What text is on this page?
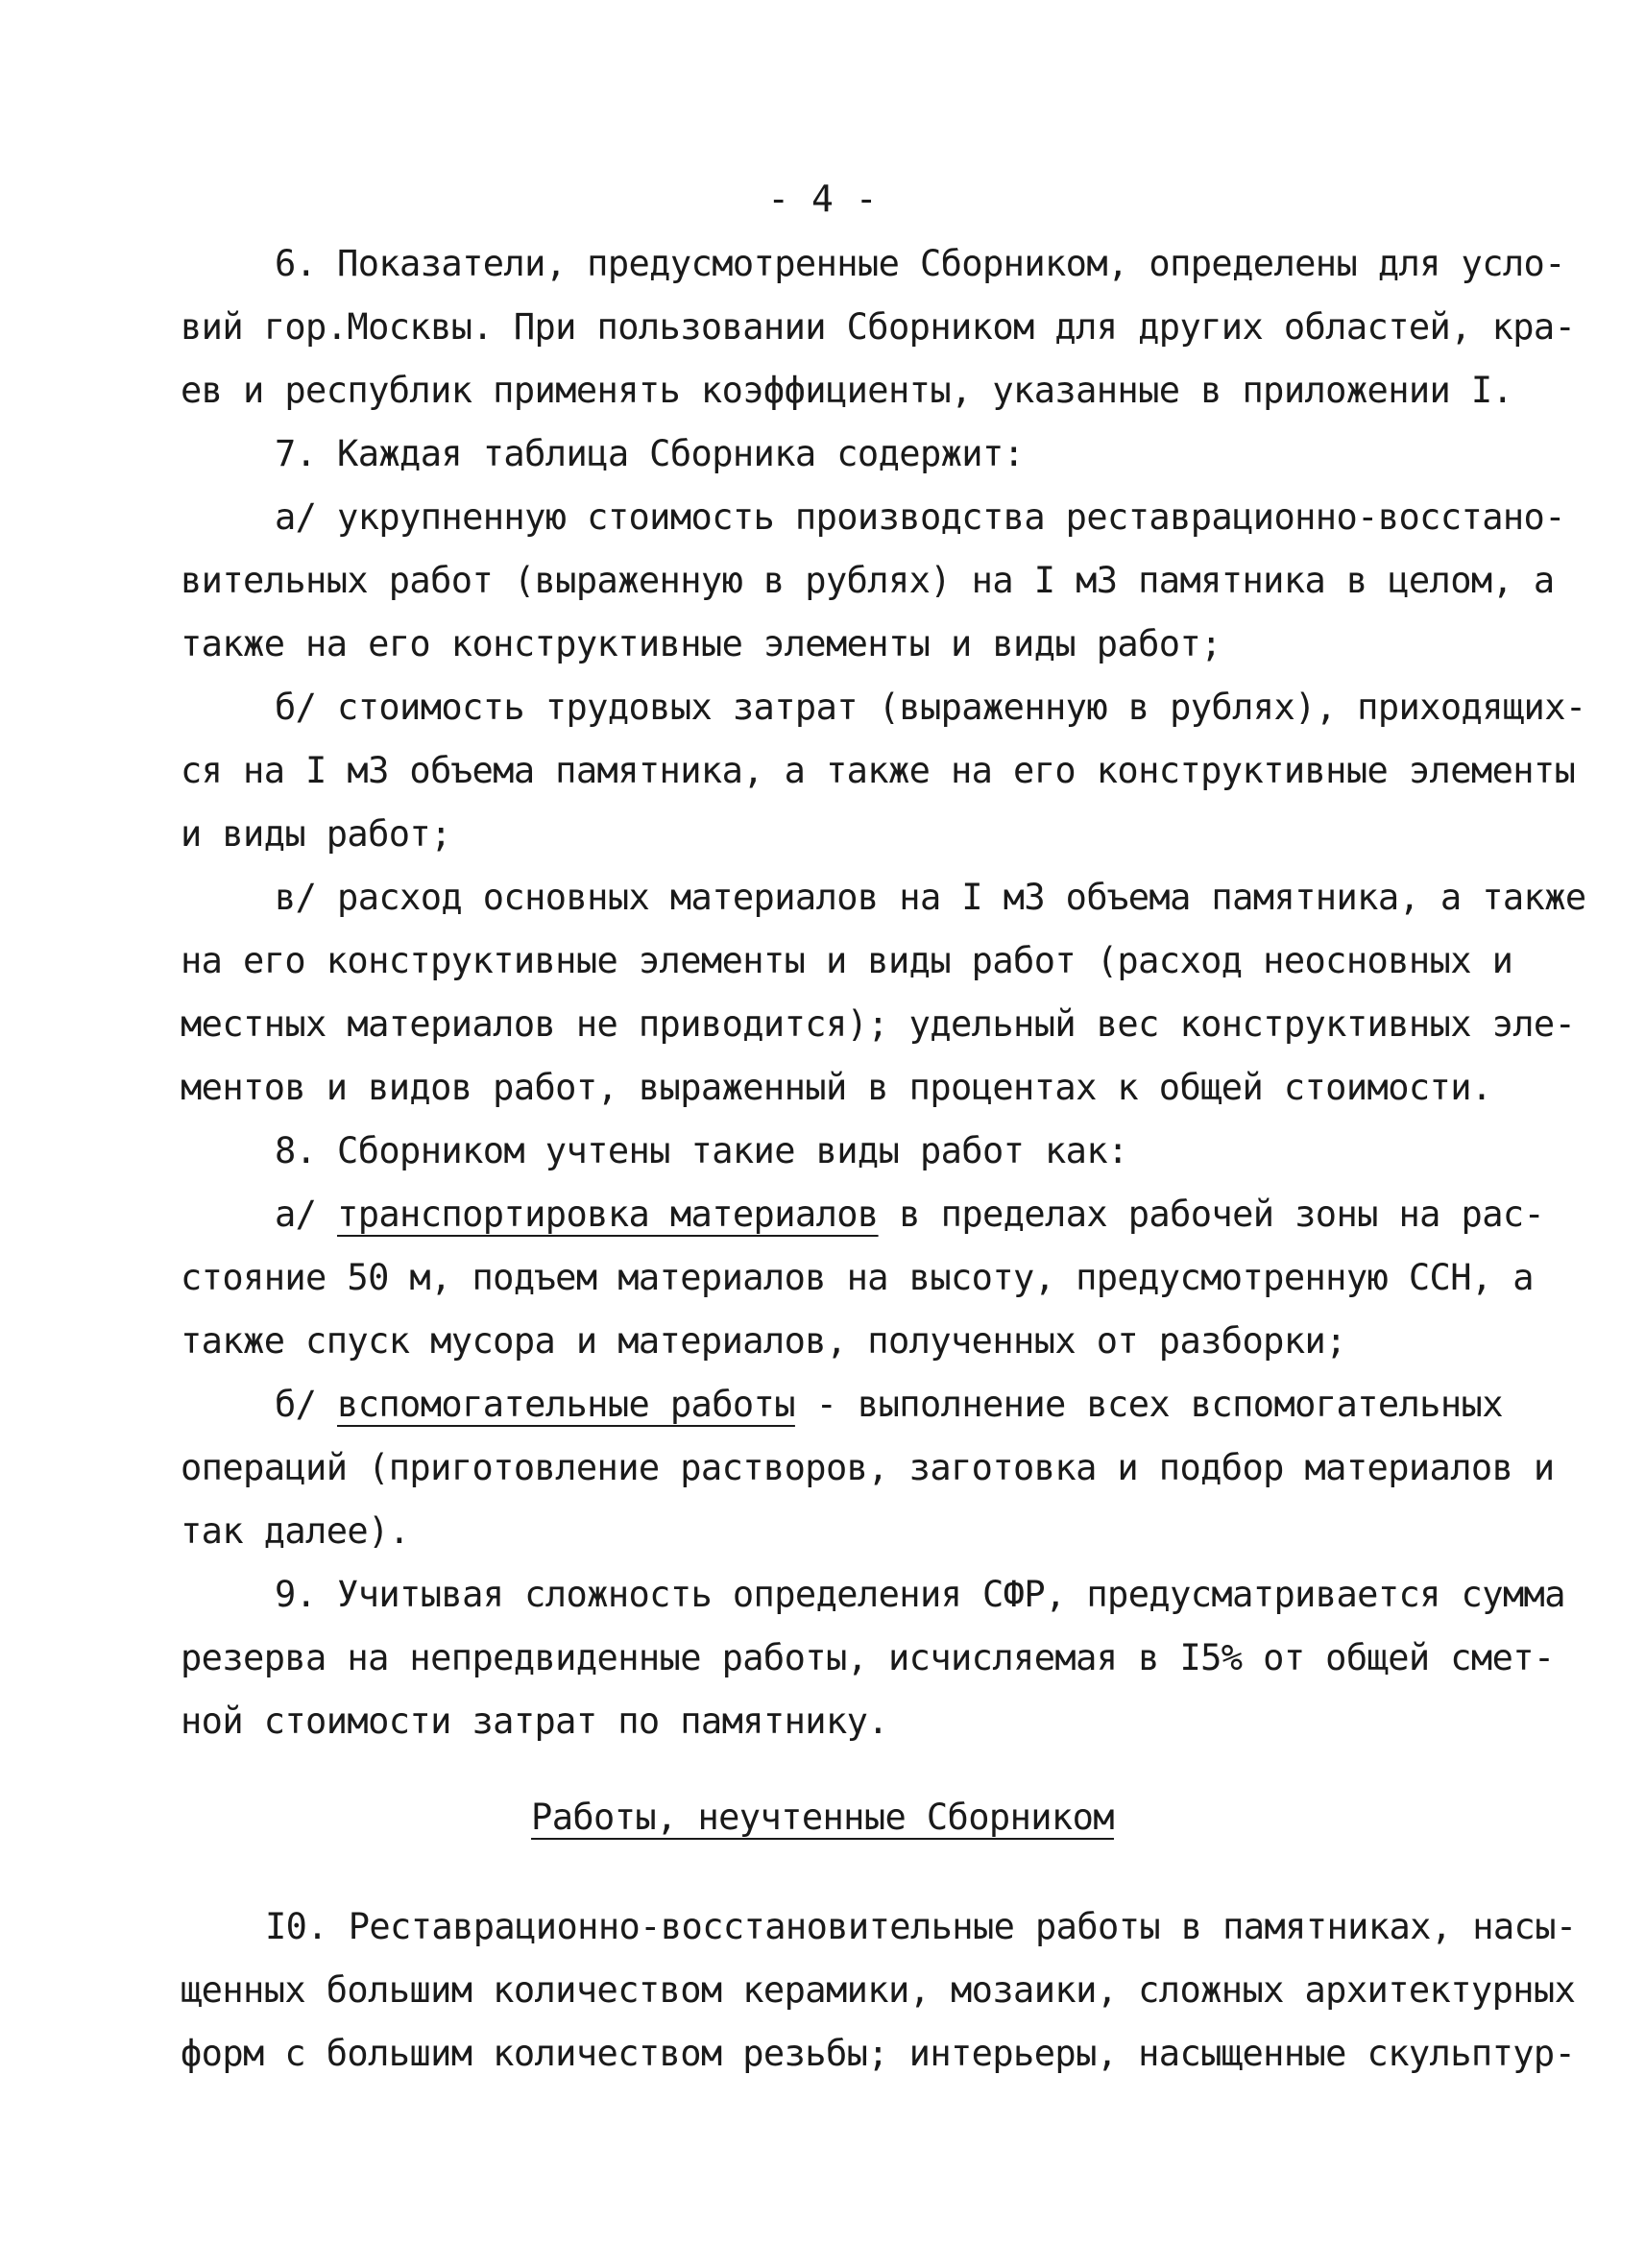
- 4 -
6. Показатели, предусмотренные Сборником, определены для усло-
вий гор.Москвы. При пользовании Сборником для других областей, кра-
ев и республик применять коэффициенты, указанные в приложении I.
7. Каждая таблица Сборника содержит:
а/ укрупненную стоимость производства реставрационно-восстано-
вительных работ (выраженную в рублях) на I м3 памятника в целом, а
также на его конструктивные элементы и виды работ;
б/ стоимость трудовых затрат (выраженную в рублях), приходящих-
ся на I м3 объема памятника, а также на его конструктивные элементы
и виды работ;
в/ расход основных материалов на I м3 объема памятника, а также
на его конструктивные элементы и виды работ (расход неосновных и
местных материалов не приводится); удельный вес конструктивных эле-
ментов и видов работ, выраженный в процентах к общей стоимости.
8. Сборником учтены такие виды работ как:
а/ транспортировка материалов в пределах рабочей зоны на рас-
стояние 50 м, подъем материалов на высоту, предусмотренную ССН, а
также спуск мусора и материалов, полученных от разборки;
б/ вспомогательные работы - выполнение всех вспомогательных
операций (приготовление растворов, заготовка и подбор материалов и
так далее).
9. Учитывая сложность определения СФР, предусматривается сумма
резерва на непредвиденные работы, исчисляемая в I5% от общей смет-
ной стоимости затрат по памятнику.
Работы, неучтенные Сборником
I0. Реставрационно-восстановительные работы в памятниках, насы-
щенных большим количеством керамики, мозаики, сложных архитектурных
форм с большим количеством резьбы; интерьеры, насыщенные скульптур-
